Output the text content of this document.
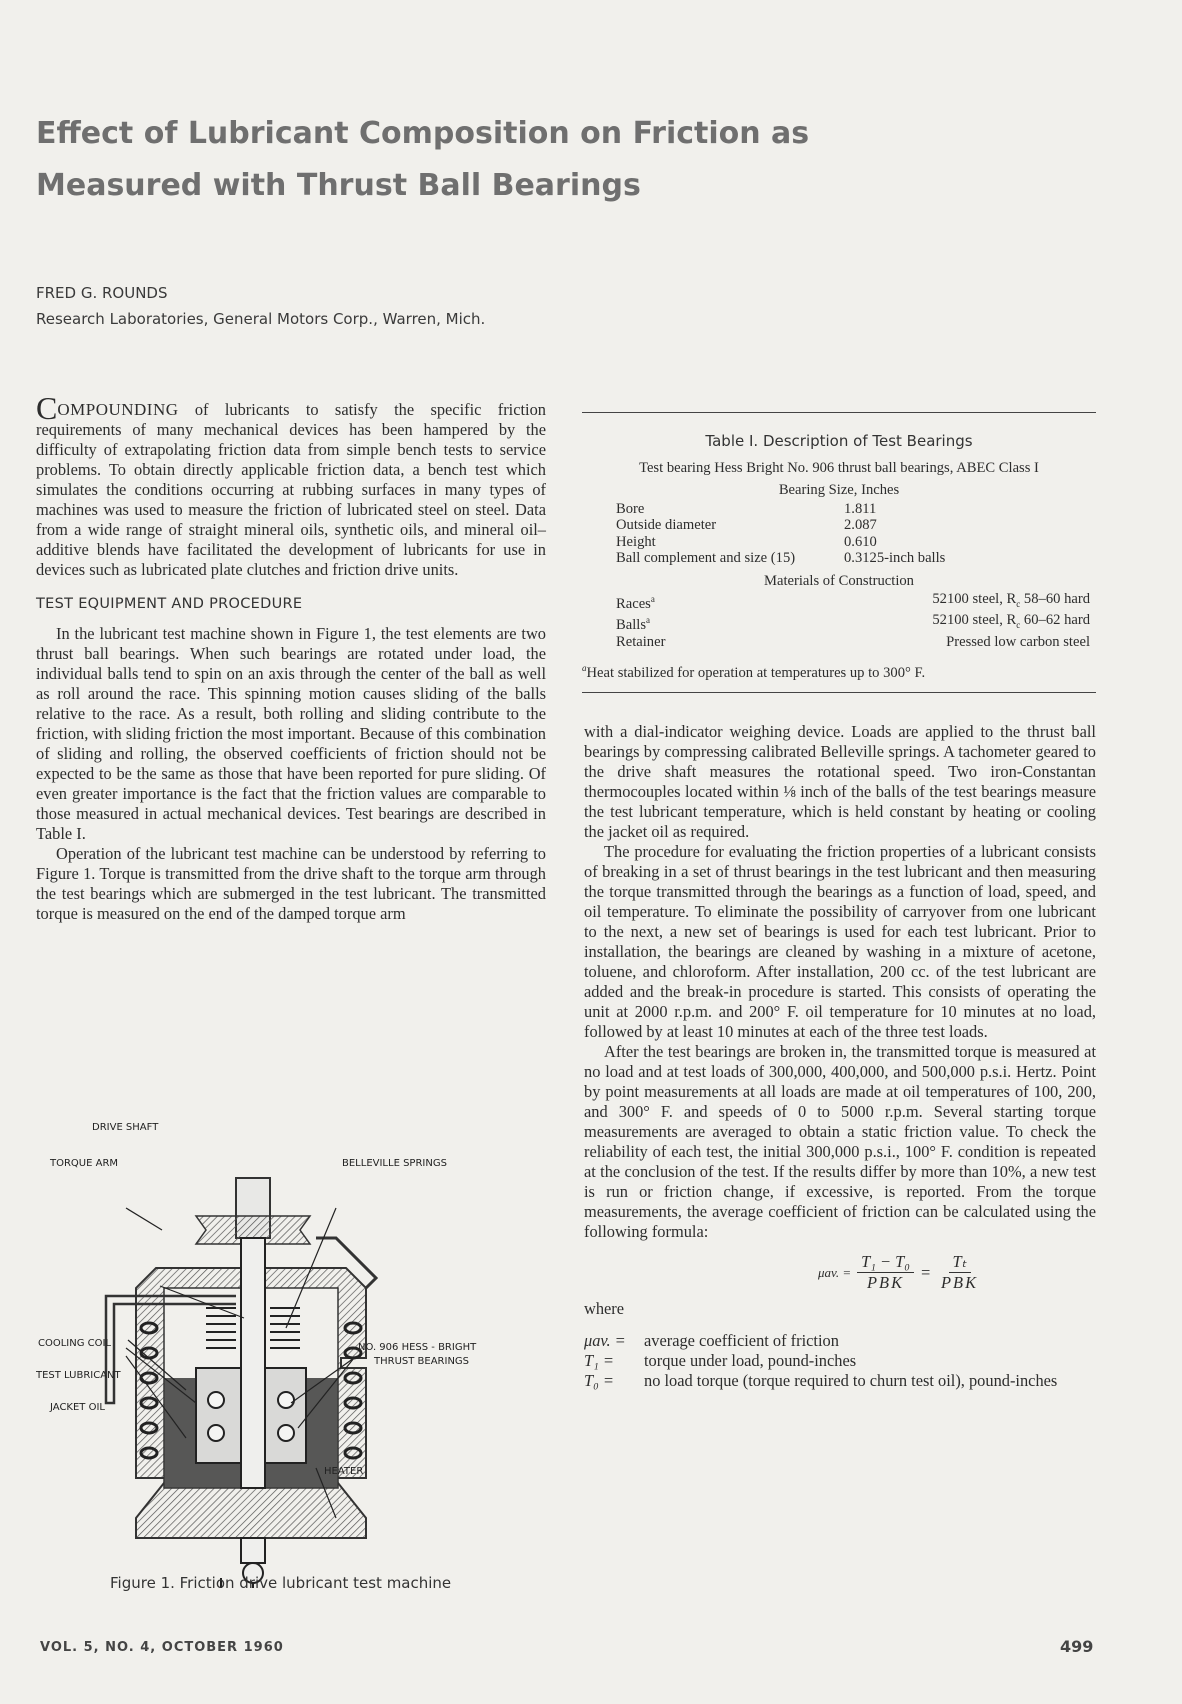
Effect of Lubricant Composition on Friction as Measured with Thrust Ball Bearings
FRED G. ROUNDS
Research Laboratories, General Motors Corp., Warren, Mich.

COMPOUNDING of lubricants to satisfy the specific friction requirements of many mechanical devices has been hampered by the difficulty of extrapolating friction data from simple bench tests to service problems. To obtain directly applicable friction data, a bench test which simulates the conditions occurring at rubbing surfaces in many types of machines was used to measure the friction of lubricated steel on steel. Data from a wide range of straight mineral oils, synthetic oils, and mineral oil–additive blends have facilitated the development of lubricants for use in devices such as lubricated plate clutches and friction drive units.

TEST EQUIPMENT AND PROCEDURE

In the lubricant test machine shown in Figure 1, the test elements are two thrust ball bearings. When such bearings are rotated under load, the individual balls tend to spin on an axis through the center of the ball as well as roll around the race. This spinning motion causes sliding of the balls relative to the race. As a result, both rolling and sliding contribute to the friction, with sliding friction the most important. Because of this combination of sliding and rolling, the observed coefficients of friction should not be expected to be the same as those that have been reported for pure sliding. Of even greater importance is the fact that the friction values are comparable to those measured in actual mechanical devices. Test bearings are described in Table I.

Operation of the lubricant test machine can be understood by referring to Figure 1. Torque is transmitted from the drive shaft to the torque arm through the test bearings which are submerged in the test lubricant. The transmitted torque is measured on the end of the damped torque arm

DRIVE SHAFT
TORQUE ARM	BELLEVILLE SPRINGS
COOLING COIL
TEST LUBRICANT
JACKET OIL
NO. 906 HESS - BRIGHT
THRUST BEARINGS
HEATER
Figure 1. Friction drive lubricant test machine
Table I. Description of Test Bearings
Test bearing Hess Bright No. 906 thrust ball bearings, ABEC Class I
Bearing Size, Inches
Bore	1.811
Outside diameter	2.087
Height	0.610
Ball complement and size (15)	0.3125-inch balls
Materials of Construction
Races$^a$	52100 steel, $R_c$ 58–60 hard
Balls$^a$	52100 steel, $R_c$ 60–62 hard
Retainer	Pressed low carbon steel
$^a$Heat stabilized for operation at temperatures up to 300° F.

with a dial-indicator weighing device. Loads are applied to the thrust ball bearings by compressing calibrated Belleville springs. A tachometer geared to the drive shaft measures the rotational speed. Two iron-Constantan thermocouples located within ⅛ inch of the balls of the test bearings measure the test lubricant temperature, which is held constant by heating or cooling the jacket oil as required.

The procedure for evaluating the friction properties of a lubricant consists of breaking in a set of thrust bearings in the test lubricant and then measuring the torque transmitted through the bearings as a function of load, speed, and oil temperature. To eliminate the possibility of carryover from one lubricant to the next, a new set of bearings is used for each test lubricant. Prior to installation, the bearings are cleaned by washing in a mixture of acetone, toluene, and chloroform. After installation, 200 cc. of the test lubricant are added and the break-in procedure is started. This consists of operating the unit at 2000 r.p.m. and 200° F. oil temperature for 10 minutes at no load, followed by at least 10 minutes at each of the three test loads.

After the test bearings are broken in, the transmitted torque is measured at no load and at test loads of 300,000, 400,000, and 500,000 p.s.i. Hertz. Point by point measurements at all loads are made at oil temperatures of 100, 200, and 300° F. and speeds of 0 to 5000 r.p.m. Several starting torque measurements are averaged to obtain a static friction value. To check the reliability of each test, the initial 300,000 p.s.i., 100° F. condition is repeated at the conclusion of the test. If the results differ by more than 10%, a new test is run or friction change, if excessive, is reported. From the torque measurements, the average coefficient of friction can be calculated using the following formula:

μav. = $\frac{\text{T₁ − T₀}}{\text{PBK}} = \frac{\text{Tₜ}}{\text{PBK}}$
where
μav. =	average coefficient of friction
T₁ =	torque under load, pound-inches
T₀ =	no load torque (torque required to churn test oil), pound-inches
VOL. 5, NO. 4, OCTOBER 1960	499
